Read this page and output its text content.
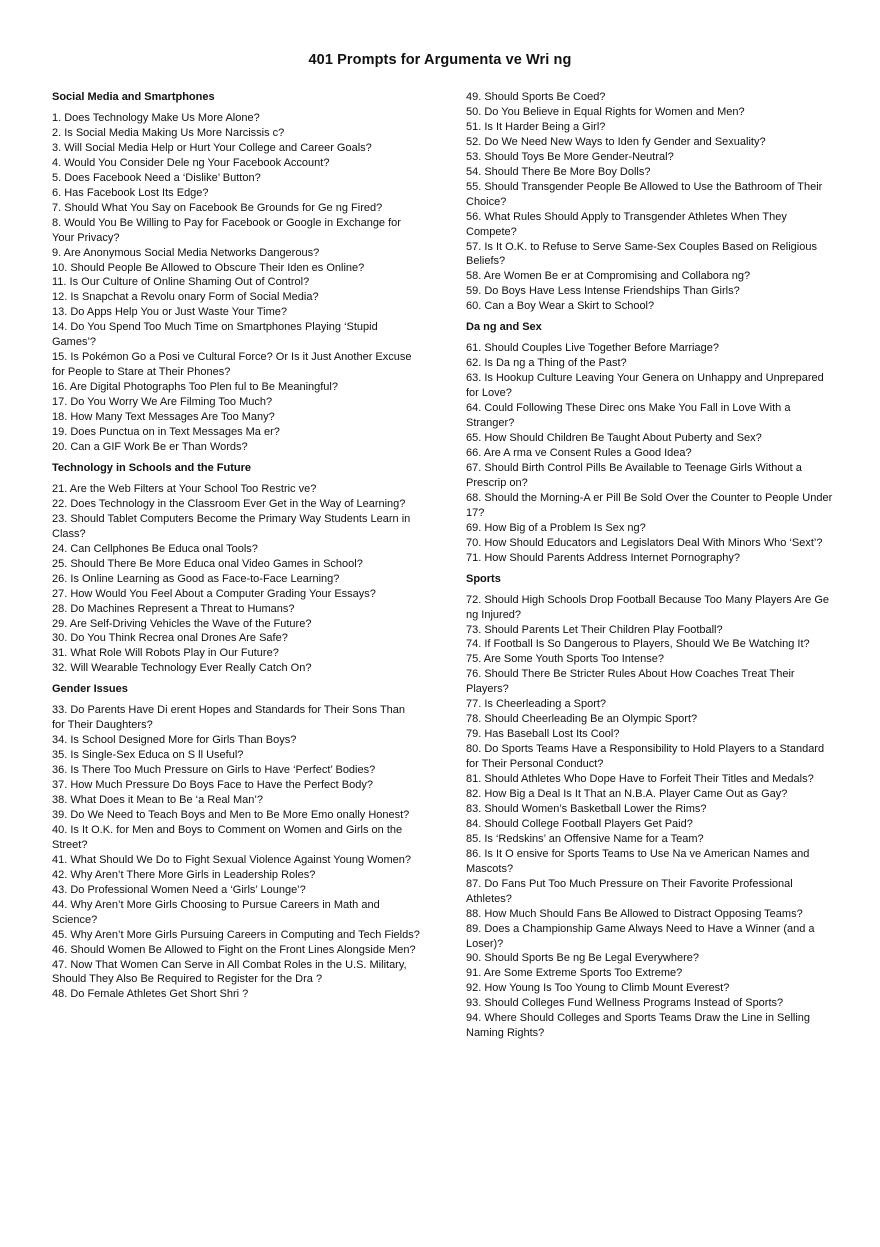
401 Prompts for Argumenta ve Wri ng
Social Media and Smartphones
1. Does Technology Make Us More Alone?
2. Is Social Media Making Us More Narcissis c?
3. Will Social Media Help or Hurt Your College and Career Goals?
4. Would You Consider Dele ng Your Facebook Account?
5. Does Facebook Need a ‘Dislike’ Button?
6. Has Facebook Lost Its Edge?
7. Should What You Say on Facebook Be Grounds for Ge ng Fired?
8. Would You Be Willing to Pay for Facebook or Google in Exchange for Your Privacy?
9. Are Anonymous Social Media Networks Dangerous?
10. Should People Be Allowed to Obscure Their Iden es Online?
11. Is Our Culture of Online Shaming Out of Control?
12. Is Snapchat a Revolu onary Form of Social Media?
13. Do Apps Help You or Just Waste Your Time?
14. Do You Spend Too Much Time on Smartphones Playing ‘Stupid Games’?
15. Is Pokémon Go a Posi ve Cultural Force? Or Is it Just Another Excuse for People to Stare at Their Phones?
16. Are Digital Photographs Too Plen ful to Be Meaningful?
17. Do You Worry We Are Filming Too Much?
18. How Many Text Messages Are Too Many?
19. Does Punctua on in Text Messages Ma er?
20. Can a GIF Work Be er Than Words?
Technology in Schools and the Future
21. Are the Web Filters at Your School Too Restric ve?
22. Does Technology in the Classroom Ever Get in the Way of Learning?
23. Should Tablet Computers Become the Primary Way Students Learn in Class?
24. Can Cellphones Be Educa onal Tools?
25. Should There Be More Educa onal Video Games in School?
26. Is Online Learning as Good as Face-to-Face Learning?
27. How Would You Feel About a Computer Grading Your Essays?
28. Do Machines Represent a Threat to Humans?
29. Are Self-Driving Vehicles the Wave of the Future?
30. Do You Think Recrea onal Drones Are Safe?
31. What Role Will Robots Play in Our Future?
32. Will Wearable Technology Ever Really Catch On?
Gender Issues
33. Do Parents Have Di erent Hopes and Standards for Their Sons Than for Their Daughters?
34. Is School Designed More for Girls Than Boys?
35. Is Single-Sex Educa on S ll Useful?
36. Is There Too Much Pressure on Girls to Have ‘Perfect’ Bodies?
37. How Much Pressure Do Boys Face to Have the Perfect Body?
38. What Does it Mean to Be ‘a Real Man’?
39. Do We Need to Teach Boys and Men to Be More Emo onally Honest?
40. Is It O.K. for Men and Boys to Comment on Women and Girls on the Street?
41. What Should We Do to Fight Sexual Violence Against Young Women?
42. Why Aren’t There More Girls in Leadership Roles?
43. Do Professional Women Need a ‘Girls’ Lounge’?
44. Why Aren’t More Girls Choosing to Pursue Careers in Math and Science?
45. Why Aren’t More Girls Pursuing Careers in Computing and Tech Fields?
46. Should Women Be Allowed to Fight on the Front Lines Alongside Men?
47. Now That Women Can Serve in All Combat Roles in the U.S. Military, Should They Also Be Required to Register for the Dra ?
48. Do Female Athletes Get Short Shri ?
49. Should Sports Be Coed?
50. Do You Believe in Equal Rights for Women and Men?
51. Is It Harder Being a Girl?
52. Do We Need New Ways to Iden fy Gender and Sexuality?
53. Should Toys Be More Gender-Neutral?
54. Should There Be More Boy Dolls?
55. Should Transgender People Be Allowed to Use the Bathroom of Their Choice?
56. What Rules Should Apply to Transgender Athletes When They Compete?
57. Is It O.K. to Refuse to Serve Same-Sex Couples Based on Religious Beliefs?
58. Are Women Be er at Compromising and Collabora ng?
59. Do Boys Have Less Intense Friendships Than Girls?
60. Can a Boy Wear a Skirt to School?
Da ng and Sex
61. Should Couples Live Together Before Marriage?
62. Is Da ng a Thing of the Past?
63. Is Hookup Culture Leaving Your Genera on Unhappy and Unprepared for Love?
64. Could Following These Direc ons Make You Fall in Love With a Stranger?
65. How Should Children Be Taught About Puberty and Sex?
66. Are A rma ve Consent Rules a Good Idea?
67. Should Birth Control Pills Be Available to Teenage Girls Without a Prescrip on?
68. Should the Morning-A er Pill Be Sold Over the Counter to People Under 17?
69. How Big of a Problem Is Sex ng?
70. How Should Educators and Legislators Deal With Minors Who ‘Sext’?
71. How Should Parents Address Internet Pornography?
Sports
72. Should High Schools Drop Football Because Too Many Players Are Ge ng Injured?
73. Should Parents Let Their Children Play Football?
74. If Football Is So Dangerous to Players, Should We Be Watching It?
75. Are Some Youth Sports Too Intense?
76. Should There Be Stricter Rules About How Coaches Treat Their Players?
77. Is Cheerleading a Sport?
78. Should Cheerleading Be an Olympic Sport?
79. Has Baseball Lost Its Cool?
80. Do Sports Teams Have a Responsibility to Hold Players to a Standard for Their Personal Conduct?
81. Should Athletes Who Dope Have to Forfeit Their Titles and Medals?
82. How Big a Deal Is It That an N.B.A. Player Came Out as Gay?
83. Should Women’s Basketball Lower the Rims?
84. Should College Football Players Get Paid?
85. Is ‘Redskins’ an Offensive Name for a Team?
86. Is It O ensive for Sports Teams to Use Na ve American Names and Mascots?
87. Do Fans Put Too Much Pressure on Their Favorite Professional Athletes?
88. How Much Should Fans Be Allowed to Distract Opposing Teams?
89. Does a Championship Game Always Need to Have a Winner (and a Loser)?
90. Should Sports Be ng Be Legal Everywhere?
91. Are Some Extreme Sports Too Extreme?
92. How Young Is Too Young to Climb Mount Everest?
93. Should Colleges Fund Wellness Programs Instead of Sports?
94. Where Should Colleges and Sports Teams Draw the Line in Selling Naming Rights?
